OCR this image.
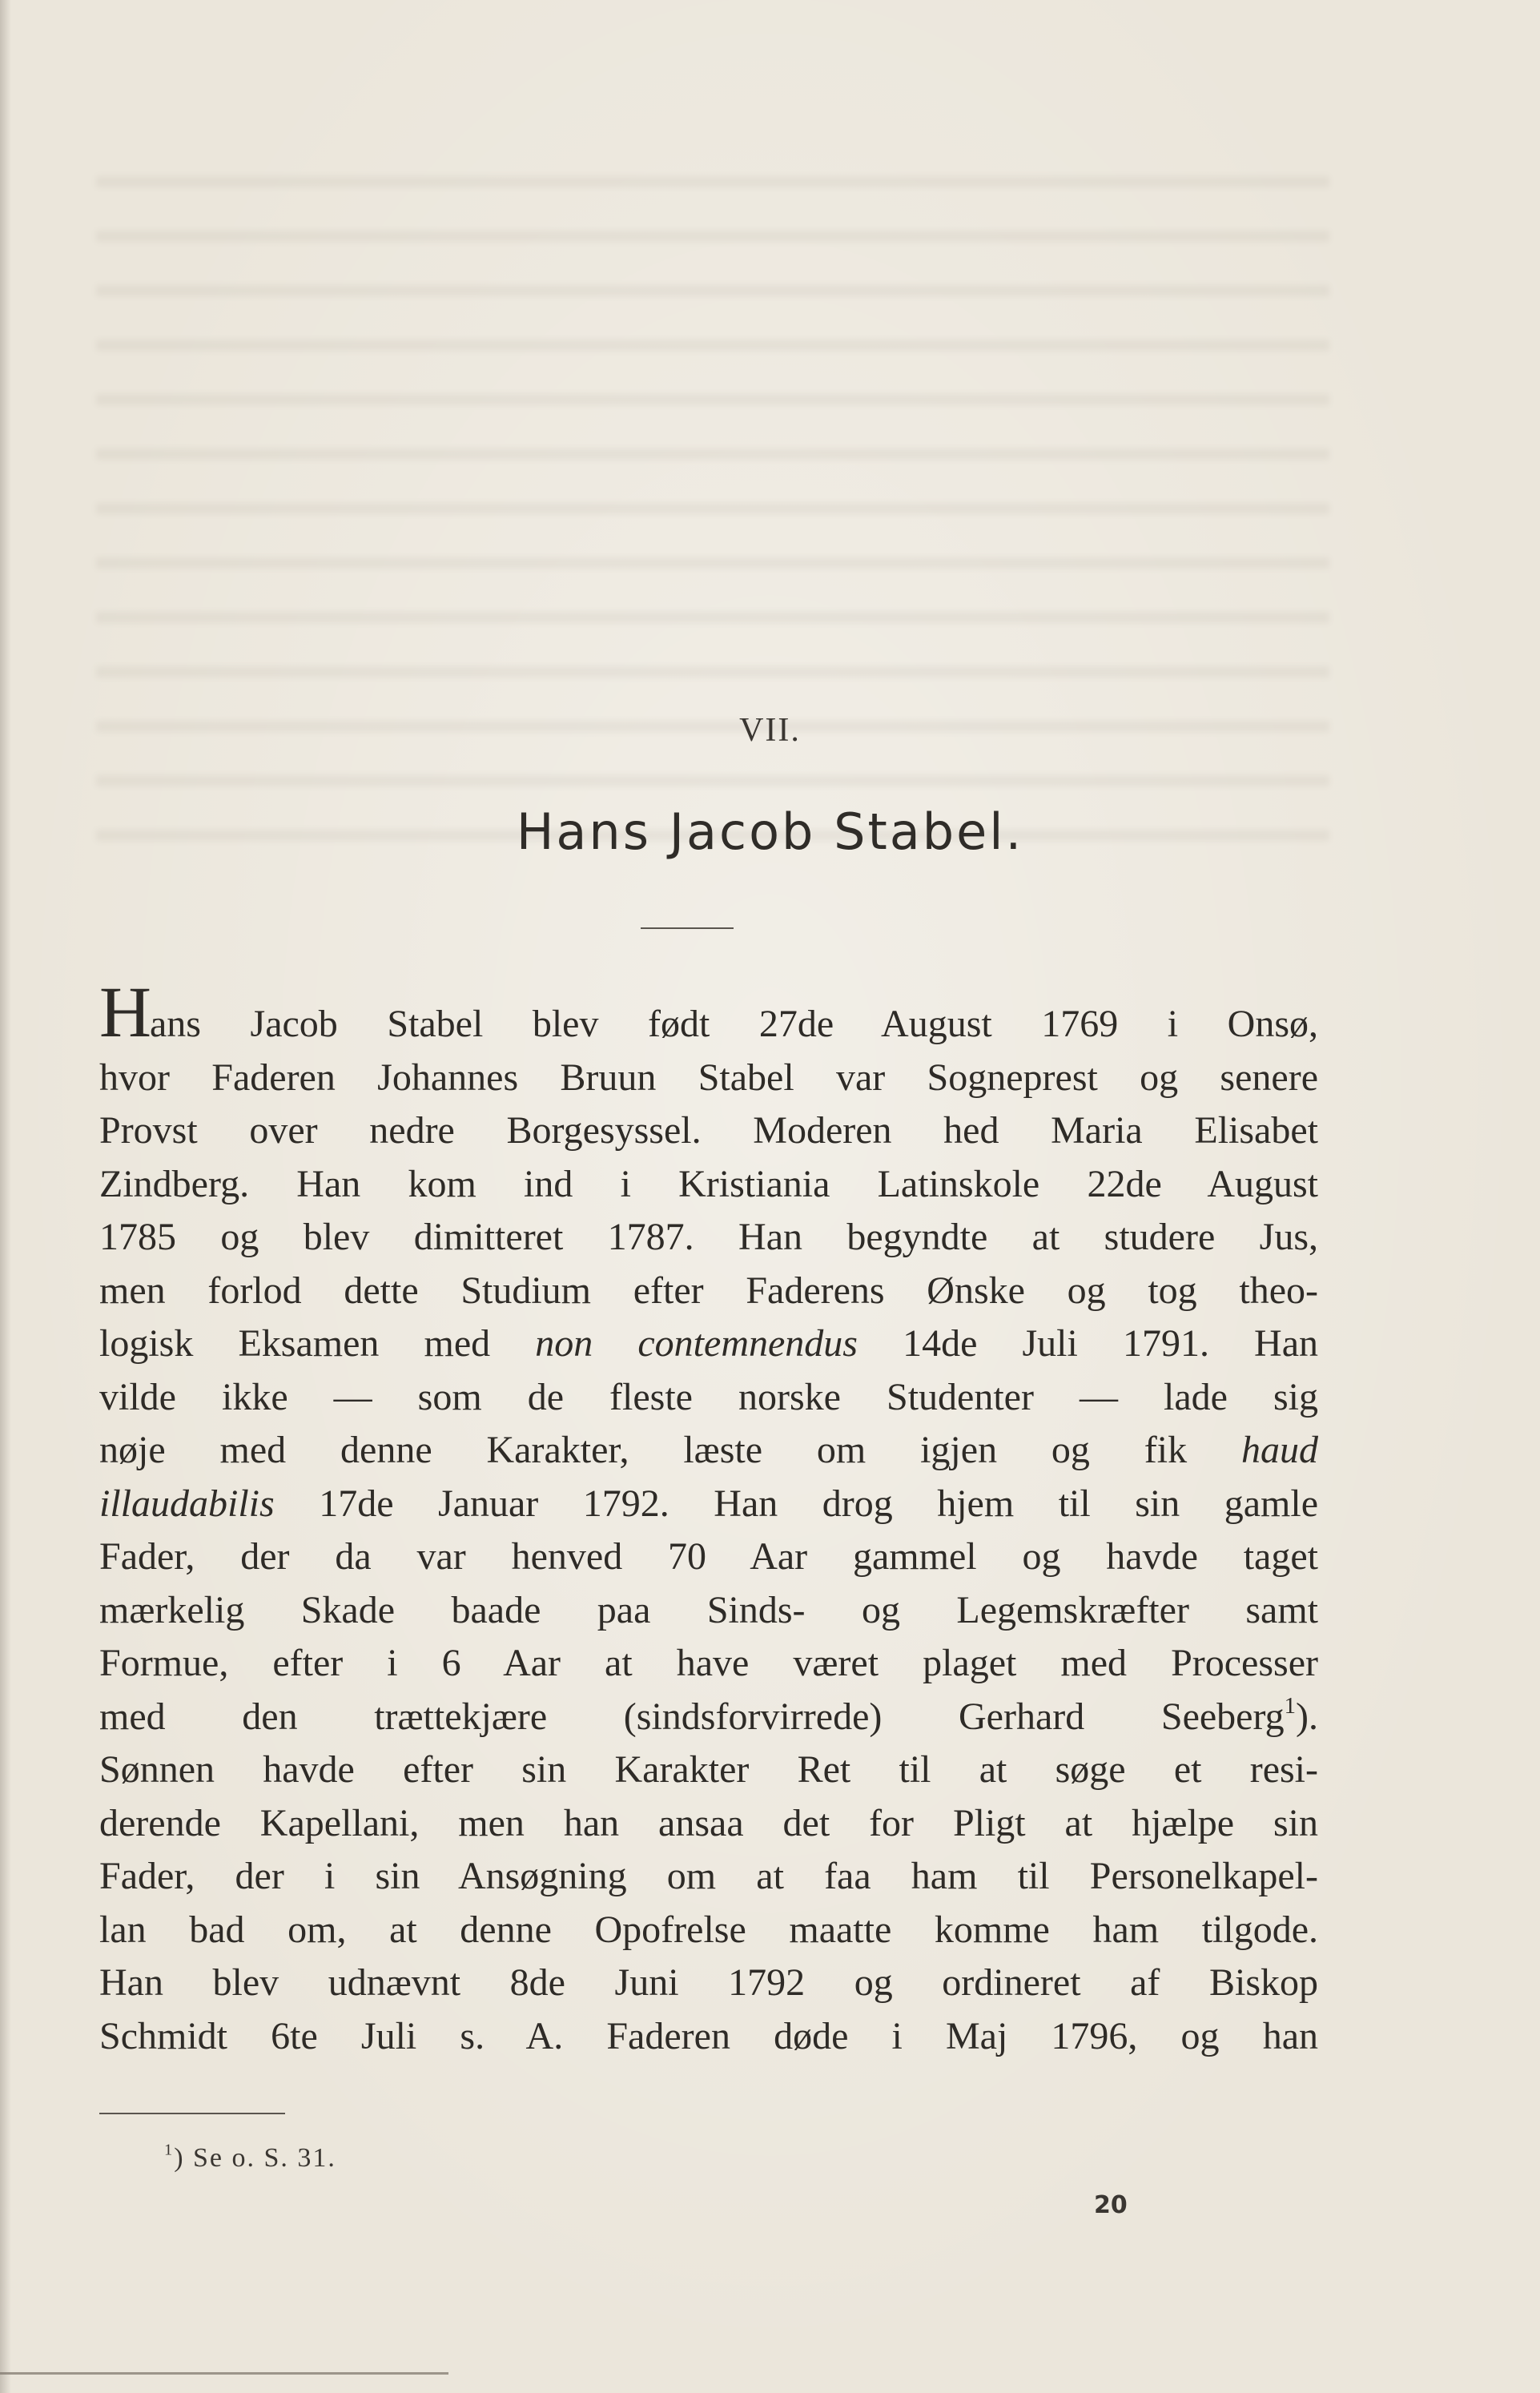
VII.
Hans Jacob Stabel.
Hans Jacob Stabel blev født 27de August 1769 i Onsø,
hvor Faderen Johannes Bruun Stabel var Sogneprest og senere
Provst over nedre Borgesyssel. Moderen hed Maria Elisabet
Zindberg. Han kom ind i Kristiania Latinskole 22de August
1785 og blev dimitteret 1787. Han begyndte at studere Jus,
men forlod dette Studium efter Faderens Ønske og tog theo-
logisk Eksamen med non contemnendus 14de Juli 1791. Han
vilde ikke — som de fleste norske Studenter — lade sig
nøje med denne Karakter, læste om igjen og fik haud
illaudabilis 17de Januar 1792. Han drog hjem til sin gamle
Fader, der da var henved 70 Aar gammel og havde taget
mærkelig Skade baade paa Sinds- og Legemskræfter samt
Formue, efter i 6 Aar at have været plaget med Processer
med den trættekjære (sindsforvirrede) Gerhard Seeberg$^1$).
Sønnen havde efter sin Karakter Ret til at søge et resi-
derende Kapellani, men han ansaa det for Pligt at hjælpe sin
Fader, der i sin Ansøgning om at faa ham til Personelkapel-
lan bad om, at denne Opofrelse maatte komme ham tilgode.
Han blev udnævnt 8de Juni 1792 og ordineret af Biskop
Schmidt 6te Juli s. A. Faderen døde i Maj 1796, og han
$^1$) Se o. S. 31.
20
